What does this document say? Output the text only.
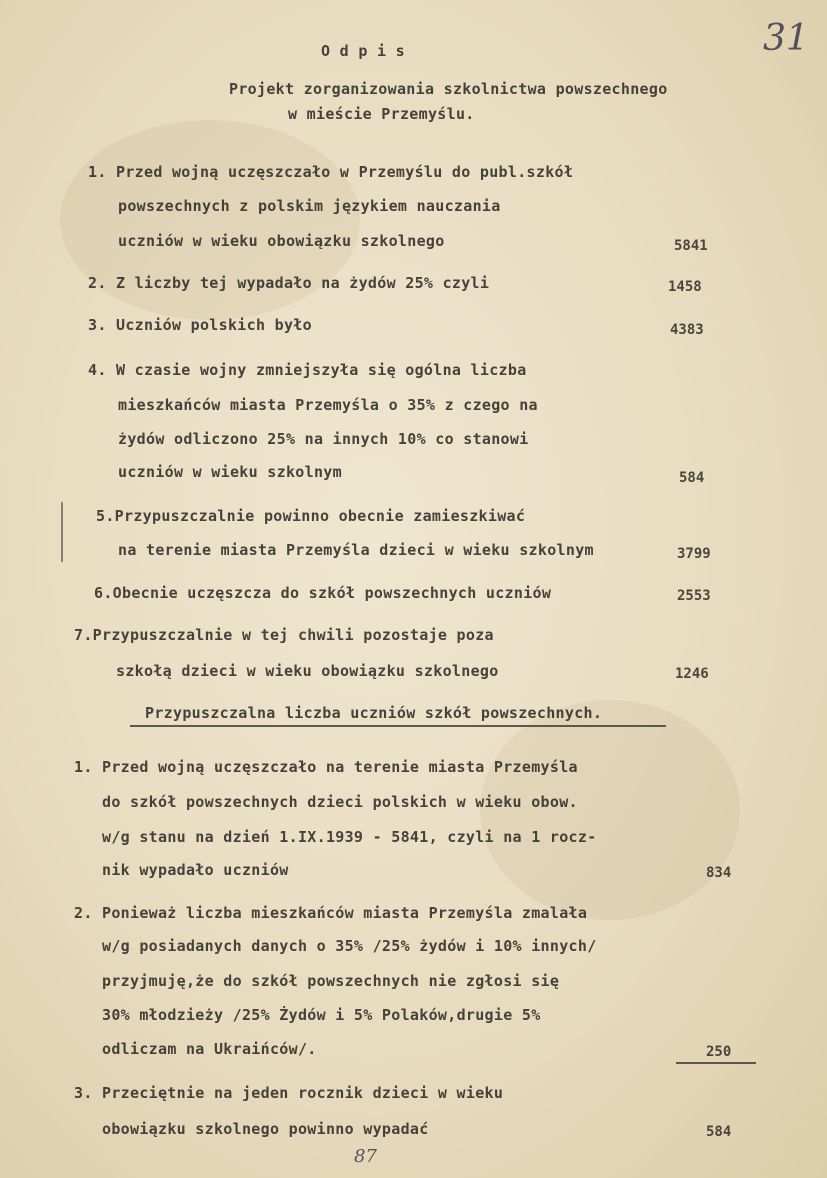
31
O d p i s
Projekt zorganizowania szkolnictwa powszechnego
w mieście Przemyślu.
1. Przed wojną uczęszczało w Przemyślu do publ.szkół
powszechnych z polskim językiem nauczania
uczniów w wieku obowiązku szkolnego	5841
2. Z liczby tej wypadało na żydów 25% czyli	1458
3. Uczniów polskich było	4383
4. W czasie wojny zmniejszyła się ogólna liczba
mieszkańców miasta Przemyśla o 35% z czego na
żydów odliczono 25% na innych 10% co stanowi
uczniów w wieku szkolnym	584
5.Przypuszczalnie powinno obecnie zamieszkiwać
na terenie miasta Przemyśla dzieci w wieku szkolnym	3799
6.Obecnie uczęszcza do szkół powszechnych uczniów	2553
7.Przypuszczalnie w tej chwili pozostaje poza
szkołą dzieci w wieku obowiązku szkolnego	1246
Przypuszczalna liczba uczniów szkół powszechnych.
1. Przed wojną uczęszczało na terenie miasta Przemyśla
do szkół powszechnych dzieci polskich w wieku obow.
w/g stanu na dzień 1.IX.1939 - 5841, czyli na 1 rocz-
nik wypadało uczniów	834
2. Ponieważ liczba mieszkańców miasta Przemyśla zmalała
w/g posiadanych danych o 35% /25% żydów i 10% innych/
przyjmuję,że do szkół powszechnych nie zgłosi się
30% młodzieży /25% Żydów i 5% Polaków,drugie 5%
odliczam na Ukraińców/.	250
3. Przeciętnie na jeden rocznik dzieci w wieku
obowiązku szkolnego powinno wypadać	584
87
